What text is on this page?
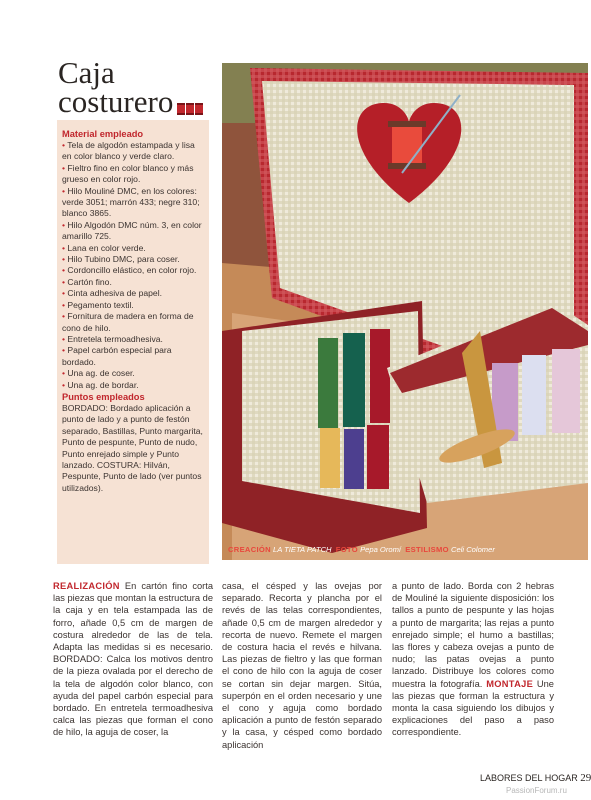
Caja
costurero
Material empleado
• Tela de algodón estampada y lisa en color blanco y verde claro.
• Fieltro fino en color blanco y más grueso en color rojo.
• Hilo Mouliné DMC, en los colores: verde 3051; marrón 433; negre 310; blanco 3865.
• Hilo Algodón DMC núm. 3, en color amarillo 725.
• Lana en color verde.
• Hilo Tubino DMC, para coser.
• Cordoncillo elástico, en color rojo.
• Cartón fino.
• Cinta adhesiva de papel.
• Pegamento textil.
• Fornitura de madera en forma de cono de hilo.
• Entretela termoadhesiva.
• Papel carbón especial para bordado.
• Una ag. de coser.
• Una ag. de bordar.
Puntos empleados
BORDADO: Bordado aplicación a punto de lado y a punto de festón separado, Bastillas, Punto margarita, Punto de pespunte, Punto de nudo, Punto enrejado simple y Punto lanzado. COSTURA: Hilván, Pespunte, Punto de lado (ver puntos utilizados).
CREACIÓN LA TIETA PATCH FOTO Pepa Oromí ESTILISMO Celi Colomer
REALIZACIÓN En cartón fino corta las piezas que montan la estructura de la caja y en tela estampada las de forro, añade 0,5 cm de margen de costura alrededor de las de tela. Adapta las medidas si es necesario. BORDADO: Calca los motivos dentro de la pieza ovalada por el derecho de la tela de algodón color blanco, con ayuda del papel carbón especial para bordado. En entretela termoadhesiva calca las piezas que forman el cono de hilo, la aguja de coser, la
casa, el césped y las ovejas por separado. Recorta y plancha por el revés de las telas correspondientes, añade 0,5 cm de margen alrededor y recorta de nuevo. Remete el margen de costura hacia el revés e hilvana. Las piezas de fieltro y las que forman el cono de hilo con la aguja de coser se cortan sin dejar margen. Sitúa, superpón en el orden necesario y une el cono y aguja como bordado aplicación a punto de festón separado y la casa, y césped como bordado aplicación
a punto de lado. Borda con 2 hebras de Mouliné la siguiente disposición: los tallos a punto de pespunte y las hojas a punto de margarita; las rejas a punto enrejado simple; el humo a bastillas; las flores y cabeza ovejas a punto de nudo; las patas ovejas a punto lanzado. Distribuye los colores como muestra la fotografía. MONTAJE Une las piezas que forman la estructura y monta la casa siguiendo los dibujos y explicaciones del paso a paso correspondiente.
LABORES DEL HOGAR 29
PassionForum.ru
